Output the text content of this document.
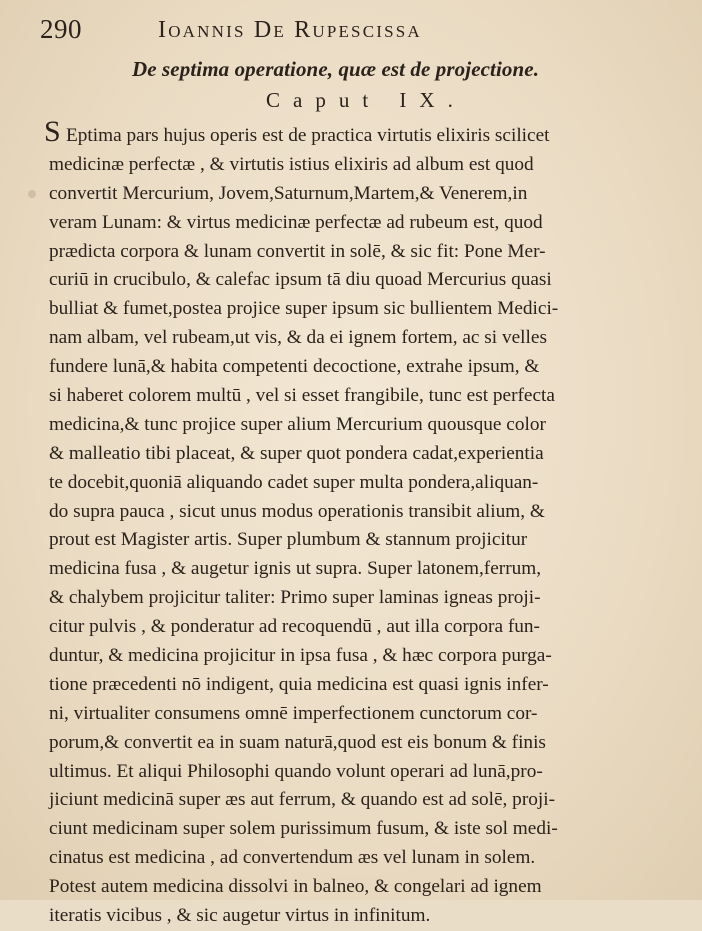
290	Ioannis De Rupescissa
De septima operatione, quæ est de projectione.
Caput IX.
S Eptima pars hujus operis est de practica virtutis elixiris scilicet
medicinæ perfectæ , & virtutis istius elixiris ad album est quod
convertit Mercurium, Jovem,Saturnum,Martem,& Venerem,in
veram Lunam: & virtus medicinæ perfectæ ad rubeum est, quod
prædicta corpora & lunam convertit in solē, & sic fit: Pone Mer-
curiū in crucibulo, & calefac ipsum tā diu quoad Mercurius quasi
bulliat & fumet,postea projice super ipsum sic bullientem Medici-
nam albam, vel rubeam,ut vis, & da ei ignem fortem, ac si velles
fundere lunā,& habita competenti decoctione, extrahe ipsum, &
si haberet colorem multū , vel si esset frangibile, tunc est perfecta
medicina,& tunc projice super alium Mercurium quousque color
& malleatio tibi placeat, & super quot pondera cadat,experientia
te docebit,quoniā aliquando cadet super multa pondera,aliquan-
do supra pauca , sicut unus modus operationis transibit alium, &
prout est Magister artis. Super plumbum & stannum projicitur
medicina fusa , & augetur ignis ut supra. Super latonem,ferrum,
& chalybem projicitur taliter: Primo super laminas igneas proji-
citur pulvis , & ponderatur ad recoquendū , aut illa corpora fun-
duntur, & medicina projicitur in ipsa fusa , & hæc corpora purga-
tione præcedenti nō indigent, quia medicina est quasi ignis infer-
ni, virtualiter consumens omnē imperfectionem cunctorum cor-
porum,& convertit ea in suam naturā,quod est eis bonum & finis
ultimus. Et aliqui Philosophi quando volunt operari ad lunā,pro-
jiciunt medicinā super æs aut ferrum, & quando est ad solē, proji-
ciunt medicinam super solem purissimum fusum, & iste sol medi-
cinatus est medicina , ad convertendum æs vel lunam in solem.
Potest autem medicina dissolvi in balneo, & congelari ad ignem
iteratis vicibus , & sic augetur virtus in infinitum.
